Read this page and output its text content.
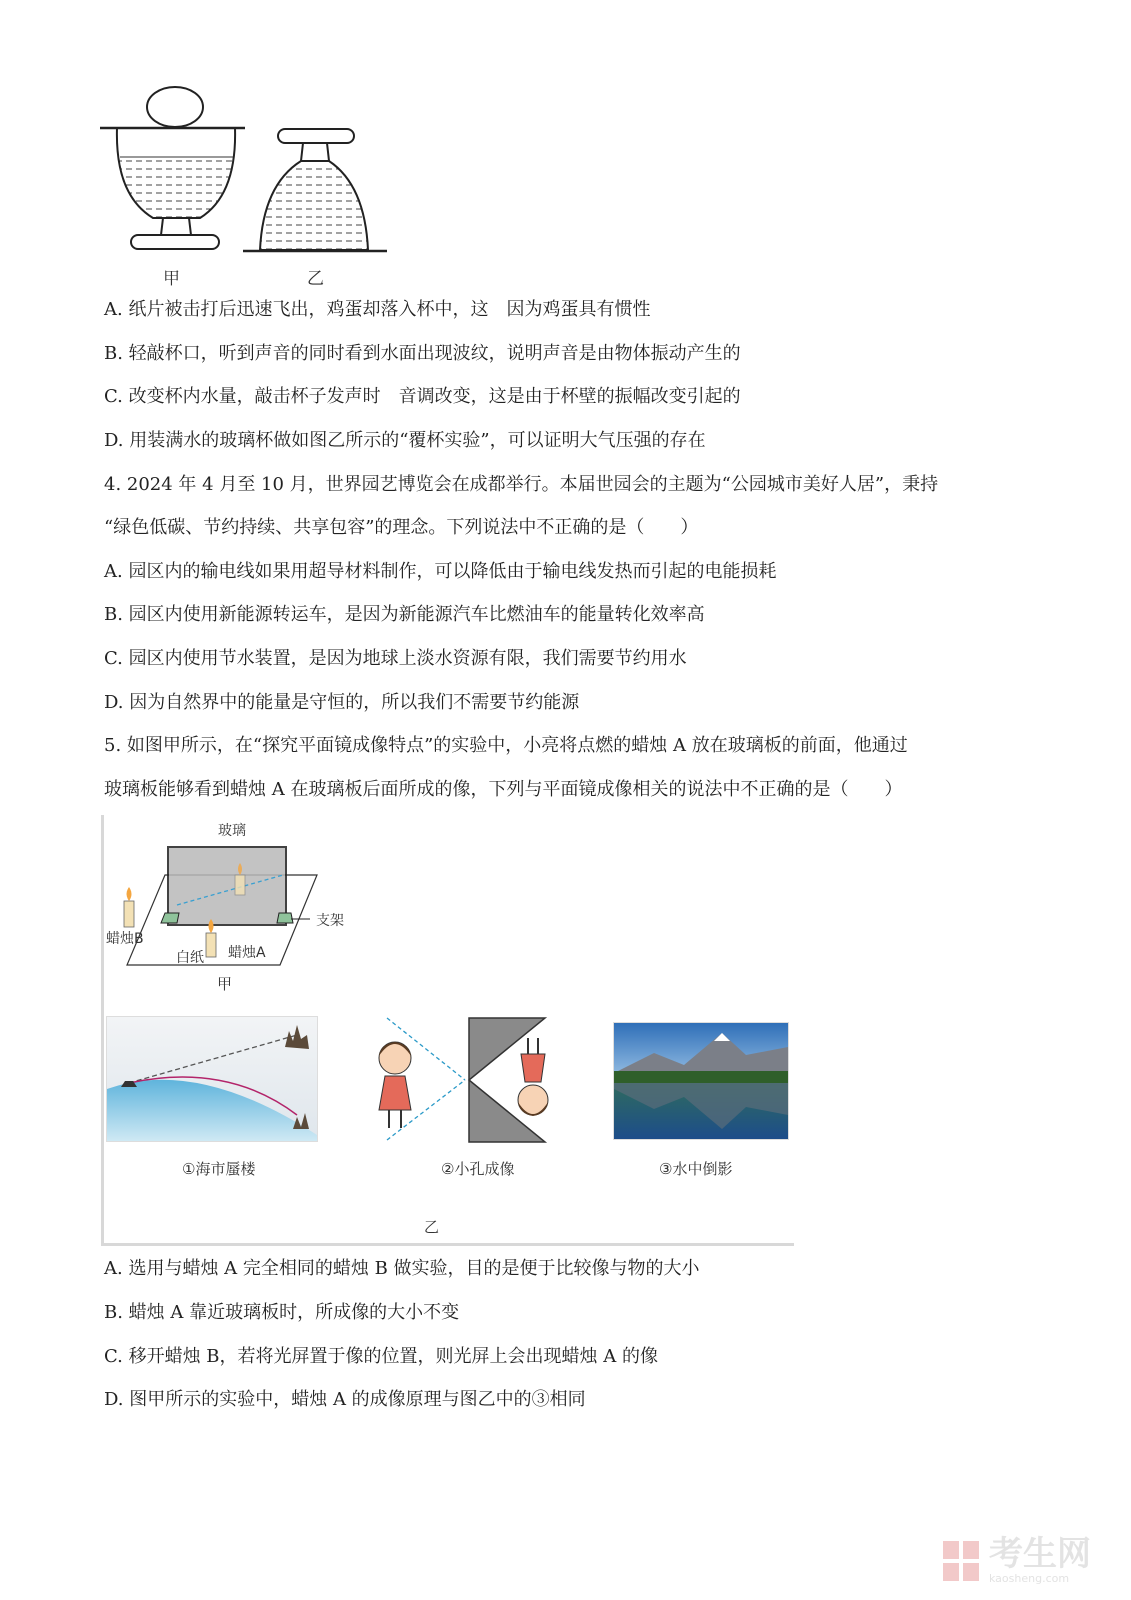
甲	乙
A. 纸片被击打后迅速飞出，鸡蛋却落入杯中，这　因为鸡蛋具有惯性
B. 轻敲杯口，听到声音的同时看到水面出现波纹，说明声音是由物体振动产生的
C. 改变杯内水量，敲击杯子发声时　音调改变，这是由于杯壁的振幅改变引起的
D. 用装满水的玻璃杯做如图乙所示的“覆杯实验”，可以证明大气压强的存在
4. 2024 年 4 月至 10 月，世界园艺博览会在成都举行。本届世园会的主题为“公园城市美好人居”，秉持
“绿色低碳、节约持续、共享包容”的理念。下列说法中不正确的是（　　）
A. 园区内的输电线如果用超导材料制作，可以降低由于输电线发热而引起的电能损耗
B. 园区内使用新能源转运车，是因为新能源汽车比燃油车的能量转化效率高
C. 园区内使用节水装置，是因为地球上淡水资源有限，我们需要节约用水
D. 因为自然界中的能量是守恒的，所以我们不需要节约能源
5. 如图甲所示，在“探究平面镜成像特点”的实验中，小亮将点燃的蜡烛 A 放在玻璃板的前面，他通过
玻璃板能够看到蜡烛 A 在玻璃板后面所成的像，下列与平面镜成像相关的说法中不正确的是（　　）
玻璃
支架
蜡烛B
白纸 蜡烛A
甲
①海市蜃楼	②小孔成像	③水中倒影
乙
A. 选用与蜡烛 A 完全相同的蜡烛 B 做实验，目的是便于比较像与物的大小
B. 蜡烛 A 靠近玻璃板时，所成像的大小不变
C. 移开蜡烛 B，若将光屏置于像的位置，则光屏上会出现蜡烛 A 的像
D. 图甲所示的实验中，蜡烛 A 的成像原理与图乙中的③相同
考生网
kaosheng.com
